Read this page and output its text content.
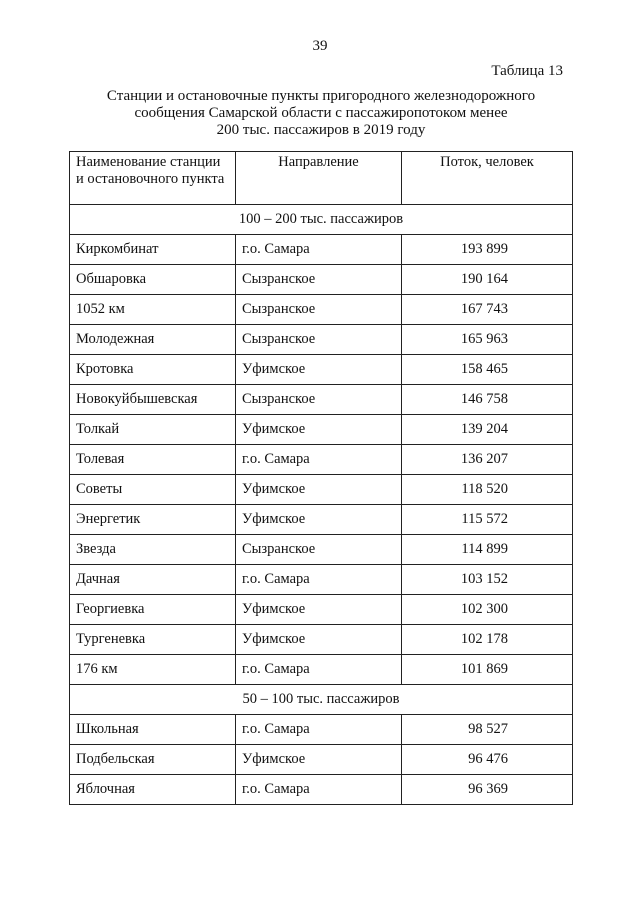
39
Таблица 13
Станции и остановочные пункты пригородного железнодорожного
сообщения Самарской области с пассажиропотоком менее
200 тыс. пассажиров в 2019 году
Наименование станции
и остановочного пункта	Направление	Поток, человек
100 – 200 тыс. пассажиров		
Киркомбинат	г.о. Самара	193 899
Обшаровка	Сызранское	190 164
1052 км	Сызранское	167 743
Молодежная	Сызранское	165 963
Кротовка	Уфимское	158 465
Новокуйбышевская	Сызранское	146 758
Толкай	Уфимское	139 204
Толевая	г.о. Самара	136 207
Советы	Уфимское	118 520
Энергетик	Уфимское	115 572
Звезда	Сызранское	114 899
Дачная	г.о. Самара	103 152
Георгиевка	Уфимское	102 300
Тургеневка	Уфимское	102 178
176 км	г.о. Самара	101 869
50 – 100 тыс. пассажиров		
Школьная	г.о. Самара	98 527
Подбельская	Уфимское	96 476
Яблочная	г.о. Самара	96 369
